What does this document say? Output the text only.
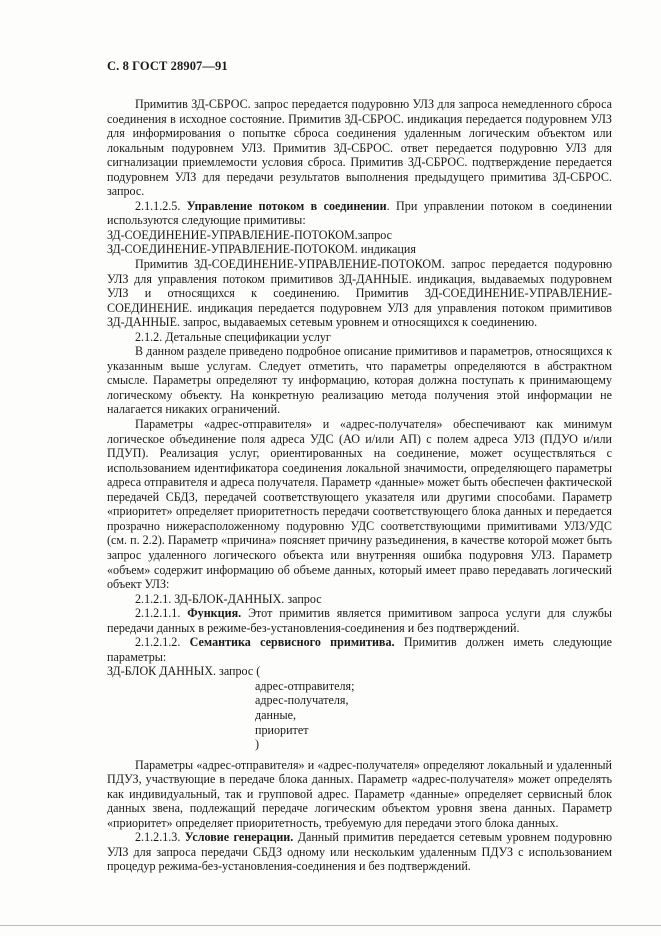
С. 8 ГОСТ 28907—91

Примитив ЗД-СБРОС. запрос передается подуровню УЛЗ для запроса немедленного сброса соединения в исходное состояние. Примитив ЗД-СБРОС. индикация передается подуровнем УЛЗ для информирования о попытке сброса соединения удаленным логическим объектом или локальным подуровнем УЛЗ. Примитив ЗД-СБРОС. ответ передается подуровню УЛЗ для сигнализации приемлемости условия сброса. Примитив ЗД-СБРОС. подтверждение передается подуровнем УЛЗ для передачи результатов выполнения предыдущего примитива ЗД-СБРОС. запрос.

2.1.1.2.5. Управление потоком в соединении. При управлении потоком в соединении используются следующие примитивы:

ЗД-СОЕДИНЕНИЕ-УПРАВЛЕНИЕ-ПОТОКОМ.запрос

ЗД-СОЕДИНЕНИЕ-УПРАВЛЕНИЕ-ПОТОКОМ. индикация

Примитив ЗД-СОЕДИНЕНИЕ-УПРАВЛЕНИЕ-ПОТОКОМ. запрос передается подуровню УЛЗ для управления потоком примитивов ЗД-ДАННЫЕ. индикация, выдаваемых подуровнем УЛЗ и относящихся к соединению. Примитив ЗД-СОЕДИНЕНИЕ-УПРАВЛЕНИЕ-СОЕДИНЕНИЕ. индикация передается подуровнем УЛЗ для управления потоком примитивов ЗД-ДАННЫЕ. запрос, выдаваемых сетевым уровнем и относящихся к соединению.

2.1.2. Детальные спецификации услуг

В данном разделе приведено подробное описание примитивов и параметров, относящихся к указанным выше услугам. Следует отметить, что параметры определяются в абстрактном смысле. Параметры определяют ту информацию, которая должна поступать к принимающему логическому объекту. На конкретную реализацию метода получения этой информации не налагается никаких ограничений.

Параметры «адрес-отправителя» и «адрес-получателя» обеспечивают как минимум логическое объединение поля адреса УДС (АО и/или АП) с полем адреса УЛЗ (ПДУО и/или ПДУП). Реализация услуг, ориентированных на соединение, может осуществляться с использованием идентификатора соединения локальной значимости, определяющего параметры адреса отправителя и адреса получателя. Параметр «данные» может быть обеспечен фактической передачей СБДЗ, передачей соответствующего указателя или другими способами. Параметр «приоритет» определяет приоритетность передачи соответствующего блока данных и передается прозрачно нижерасположенному подуровню УДС соответствующими примитивами УЛЗ/УДС (см. п. 2.2). Параметр «причина» поясняет причину разъединения, в качестве которой может быть запрос удаленного логического объекта или внутренняя ошибка подуровня УЛЗ. Параметр «объем» содержит информацию об объеме данных, который имеет право передавать логический объект УЛЗ:

2.1.2.1. ЗД-БЛОК-ДАННЫХ. запрос

2.1.2.1.1. Функция. Этот примитив является примитивом запроса услуги для службы передачи данных в режиме-без-установления-соединения и без подтверждений.

2.1.2.1.2. Семантика сервисного примитива. Примитив должен иметь следующие параметры:

ЗД-БЛОК ДАННЫХ. запрос (

адрес-отправителя;

адрес-получателя,

данные,

приоритет

)

Параметры «адрес-отправителя» и «адрес-получателя» определяют локальный и удаленный ПДУЗ, участвующие в передаче блока данных. Параметр «адрес-получателя» может определять как индивидуальный, так и групповой адрес. Параметр «данные» определяет сервисный блок данных звена, подлежащий передаче логическим объектом уровня звена данных. Параметр «приоритет» определяет приоритетность, требуемую для передачи этого блока данных.

2.1.2.1.3. Условие генерации. Данный примитив передается сетевым уровнем подуровню УЛЗ для запроса передачи СБДЗ одному или нескольким удаленным ПДУЗ с использованием процедур режима-без-установления-соединения и без подтверждений.
